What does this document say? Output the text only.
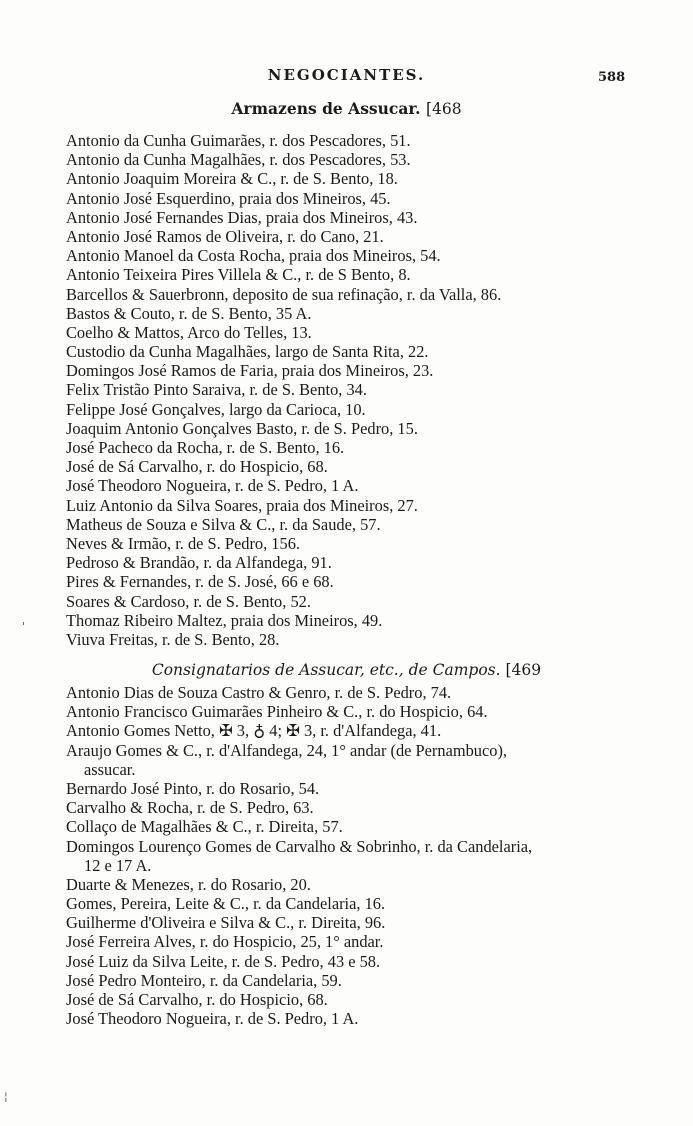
NEGOCIANTES.	588
Armazens de Assucar. [468
Antonio da Cunha Guimarães, r. dos Pescadores, 51.
Antonio da Cunha Magalhães, r. dos Pescadores, 53.
Antonio Joaquim Moreira & C., r. de S. Bento, 18.
Antonio José Esquerdino, praia dos Mineiros, 45.
Antonio José Fernandes Dias, praia dos Mineiros, 43.
Antonio José Ramos de Oliveira, r. do Cano, 21.
Antonio Manoel da Costa Rocha, praia dos Mineiros, 54.
Antonio Teixeira Pires Villela & C., r. de S Bento, 8.
Barcellos & Sauerbronn, deposito de sua refinação, r. da Valla, 86.
Bastos & Couto, r. de S. Bento, 35 A.
Coelho & Mattos, Arco do Telles, 13.
Custodio da Cunha Magalhães, largo de Santa Rita, 22.
Domingos José Ramos de Faria, praia dos Mineiros, 23.
Felix Tristão Pinto Saraiva, r. de S. Bento, 34.
Felippe José Gonçalves, largo da Carioca, 10.
Joaquim Antonio Gonçalves Basto, r. de S. Pedro, 15.
José Pacheco da Rocha, r. de S. Bento, 16.
José de Sá Carvalho, r. do Hospicio, 68.
José Theodoro Nogueira, r. de S. Pedro, 1 A.
Luiz Antonio da Silva Soares, praia dos Mineiros, 27.
Matheus de Souza e Silva & C., r. da Saude, 57.
Neves & Irmão, r. de S. Pedro, 156.
Pedroso & Brandão, r. da Alfandega, 91.
Pires & Fernandes, r. de S. José, 66 e 68.
Soares & Cardoso, r. de S. Bento, 52.
Thomaz Ribeiro Maltez, praia dos Mineiros, 49.
Viuva Freitas, r. de S. Bento, 28.
Consignatarios de Assucar, etc., de Campos. [469
Antonio Dias de Souza Castro & Genro, r. de S. Pedro, 74.
Antonio Francisco Guimarães Pinheiro & C., r. do Hospicio, 64.
Antonio Gomes Netto, ✠ 3, ♁ 4; ✠ 3, r. d'Alfandega, 41.
Araujo Gomes & C., r. d'Alfandega, 24, 1° andar (de Pernambuco),
assucar.
Bernardo José Pinto, r. do Rosario, 54.
Carvalho & Rocha, r. de S. Pedro, 63.
Collaço de Magalhães & C., r. Direita, 57.
Domingos Lourenço Gomes de Carvalho & Sobrinho, r. da Candelaria,
12 e 17 A.
Duarte & Menezes, r. do Rosario, 20.
Gomes, Pereira, Leite & C., r. da Candelaria, 16.
Guilherme d'Oliveira e Silva & C., r. Direita, 96.
José Ferreira Alves, r. do Hospicio, 25, 1° andar.
José Luiz da Silva Leite, r. de S. Pedro, 43 e 58.
José Pedro Monteiro, r. da Candelaria, 59.
José de Sá Carvalho, r. do Hospicio, 68.
José Theodoro Nogueira, r. de S. Pedro, 1 A.
'
¦
